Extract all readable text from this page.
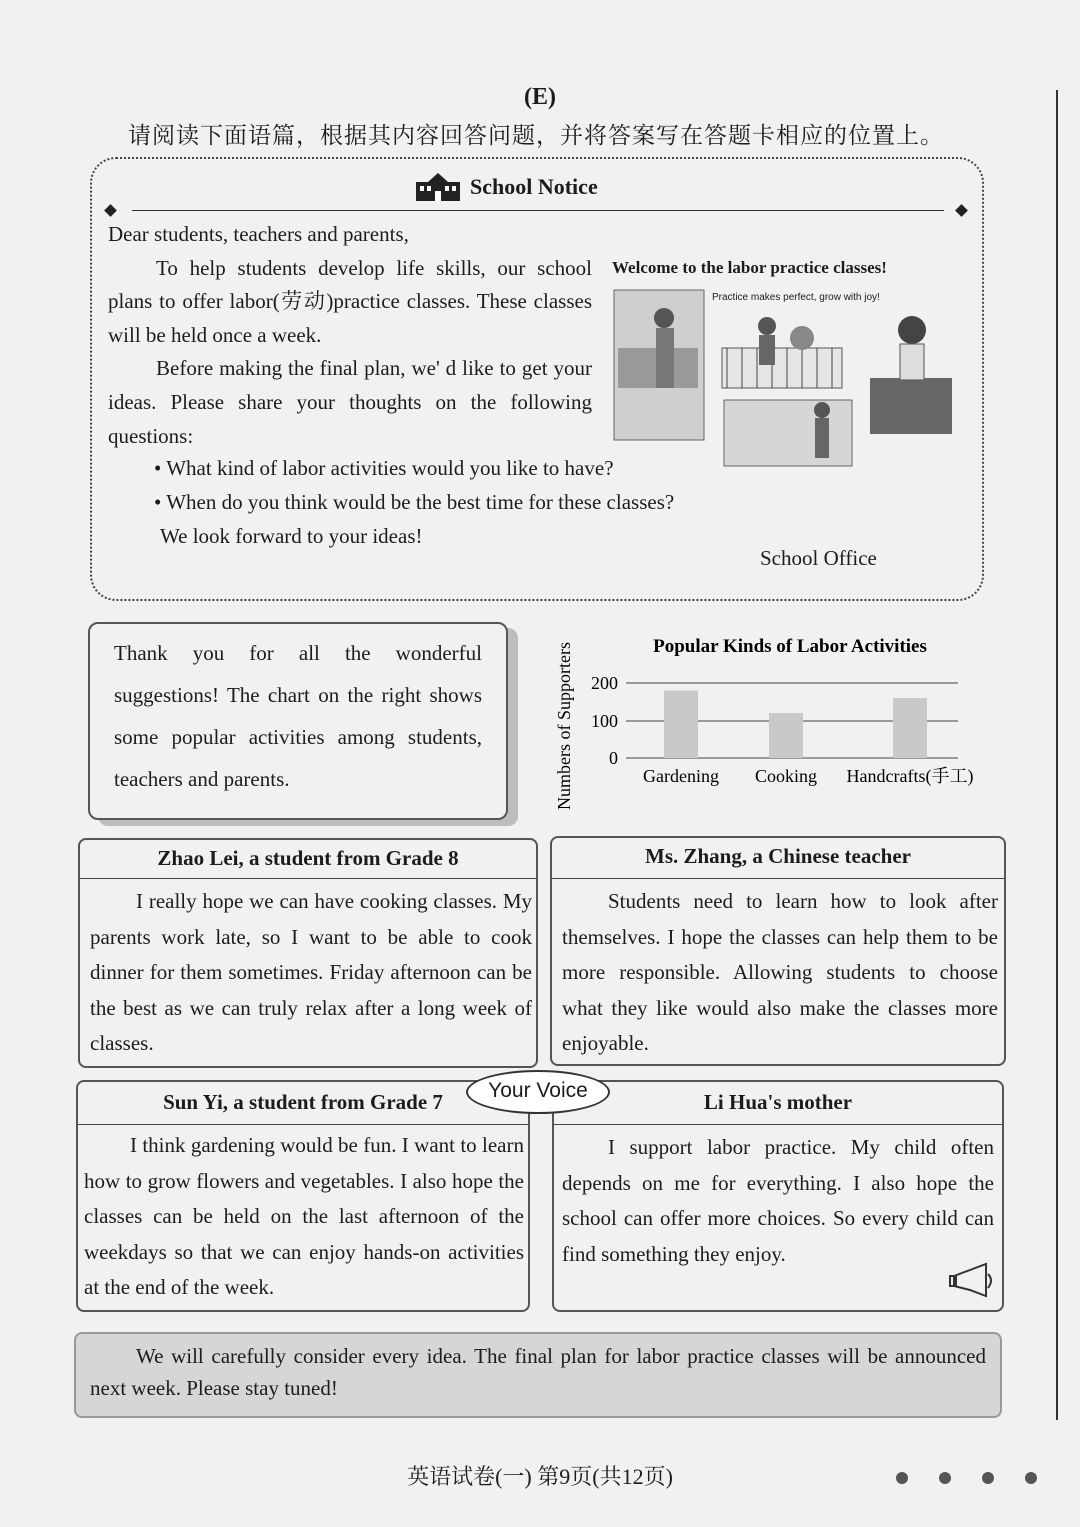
(E)
请阅读下面语篇，根据其内容回答问题，并将答案写在答题卡相应的位置上。
School Notice
Dear students, teachers and parents,
To help students develop life skills, our school plans to offer labor(劳动)practice classes. These classes will be held once a week.
Before making the final plan, we' d like to get your ideas. Please share your thoughts on the following questions:
• What kind of labor activities would you like to have?
• When do you think would be the best time for these classes?
We look forward to your ideas!
School Office
Welcome to the labor practice classes!
Practice makes perfect, grow with joy!
Thank you for all the wonderful suggestions! The chart on the right shows some popular activities among students, teachers and parents.
Popular Kinds of Labor Activities
Numbers of Supporters 200
100
0
Gardening Cooking Handcrafts(手工)
Zhao Lei, a student from Grade 8
I really hope we can have cooking classes. My parents work late, so I want to be able to cook dinner for them sometimes. Friday afternoon can be the best as we can truly relax after a long week of classes.
Ms. Zhang, a Chinese teacher
Students need to learn how to look after themselves. I hope the classes can help them to be more responsible. Allowing students to choose what they like would also make the classes more enjoyable.
Sun Yi, a student from Grade 7
I think gardening would be fun. I want to learn how to grow flowers and vegetables. I also hope the classes can be held on the last afternoon of the weekdays so that we can enjoy hands-on activities at the end of the week.
Li Hua's mother
I support labor practice. My child often depends on me for everything. I also hope the school can offer more choices. So every child can find something they enjoy.
Your Voice
We will carefully consider every idea. The final plan for labor practice classes will be announced next week. Please stay tuned!
英语试卷(一) 第9页(共12页)
